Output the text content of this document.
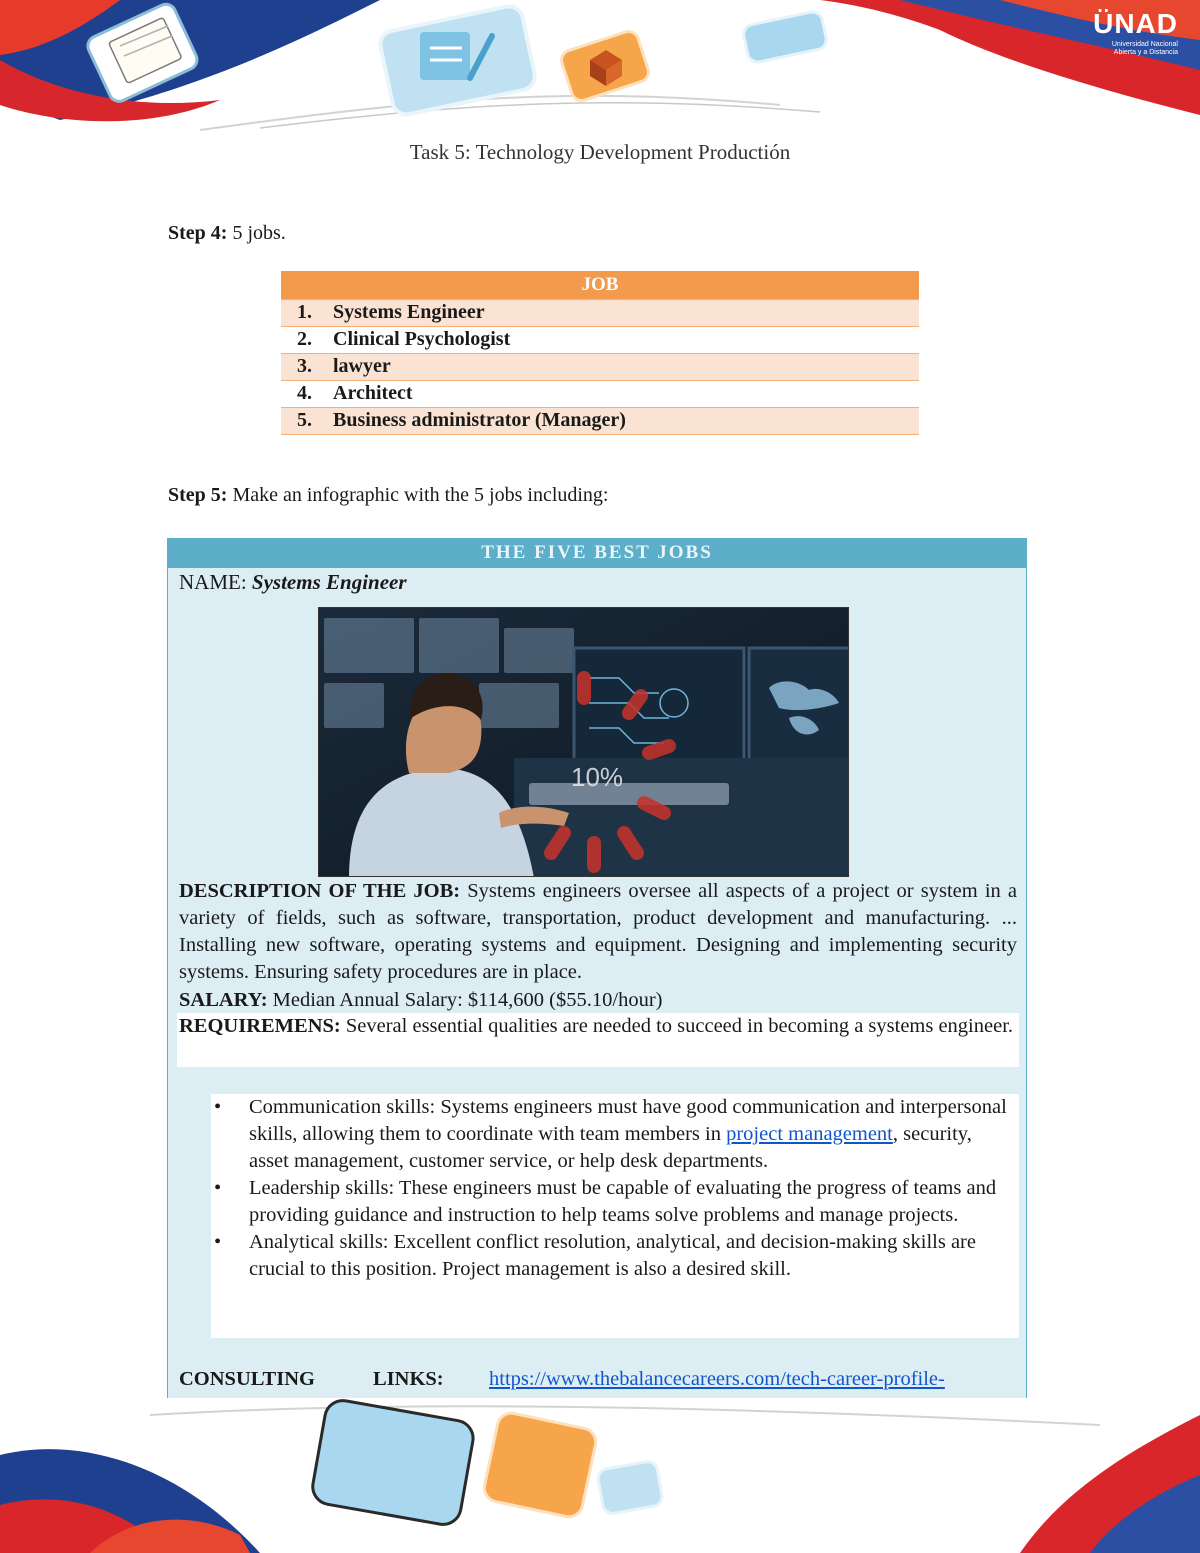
ÜNAD
Universidad Nacional
Abierta y a Distancia
Task 5: Technology Development Productión
Step 4: 5 jobs.
JOB
1. Systems Engineer
2. Clinical Psychologist
3. lawyer
4. Architect
5. Business administrator (Manager)
Step 5: Make an infographic with the 5 jobs including:
THE FIVE BEST JOBS
NAME: Systems Engineer
10%
DESCRIPTION OF THE JOB: Systems engineers oversee all aspects of a project or system in a variety of fields, such as software, transportation, product development and manufacturing. ... Installing new software, operating systems and equipment. Designing and implementing security systems. Ensuring safety procedures are in place.
SALARY: Median Annual Salary: $114,600 ($55.10/hour)
REQUIREMENS: Several essential qualities are needed to succeed in becoming a systems engineer.
• Communication skills: Systems engineers must have good communication and interpersonal skills, allowing them to coordinate with team members in project management, security, asset management, customer service, or help desk departments.
• Leadership skills: These engineers must be capable of evaluating the progress of teams and providing guidance and instruction to help teams solve problems and manage projects.
• Analytical skills: Excellent conflict resolution, analytical, and decision-making skills are crucial to this position. Project management is also a desired skill.
CONSULTING	LINKS: https://www.thebalancecareers.com/tech-career-profile-
